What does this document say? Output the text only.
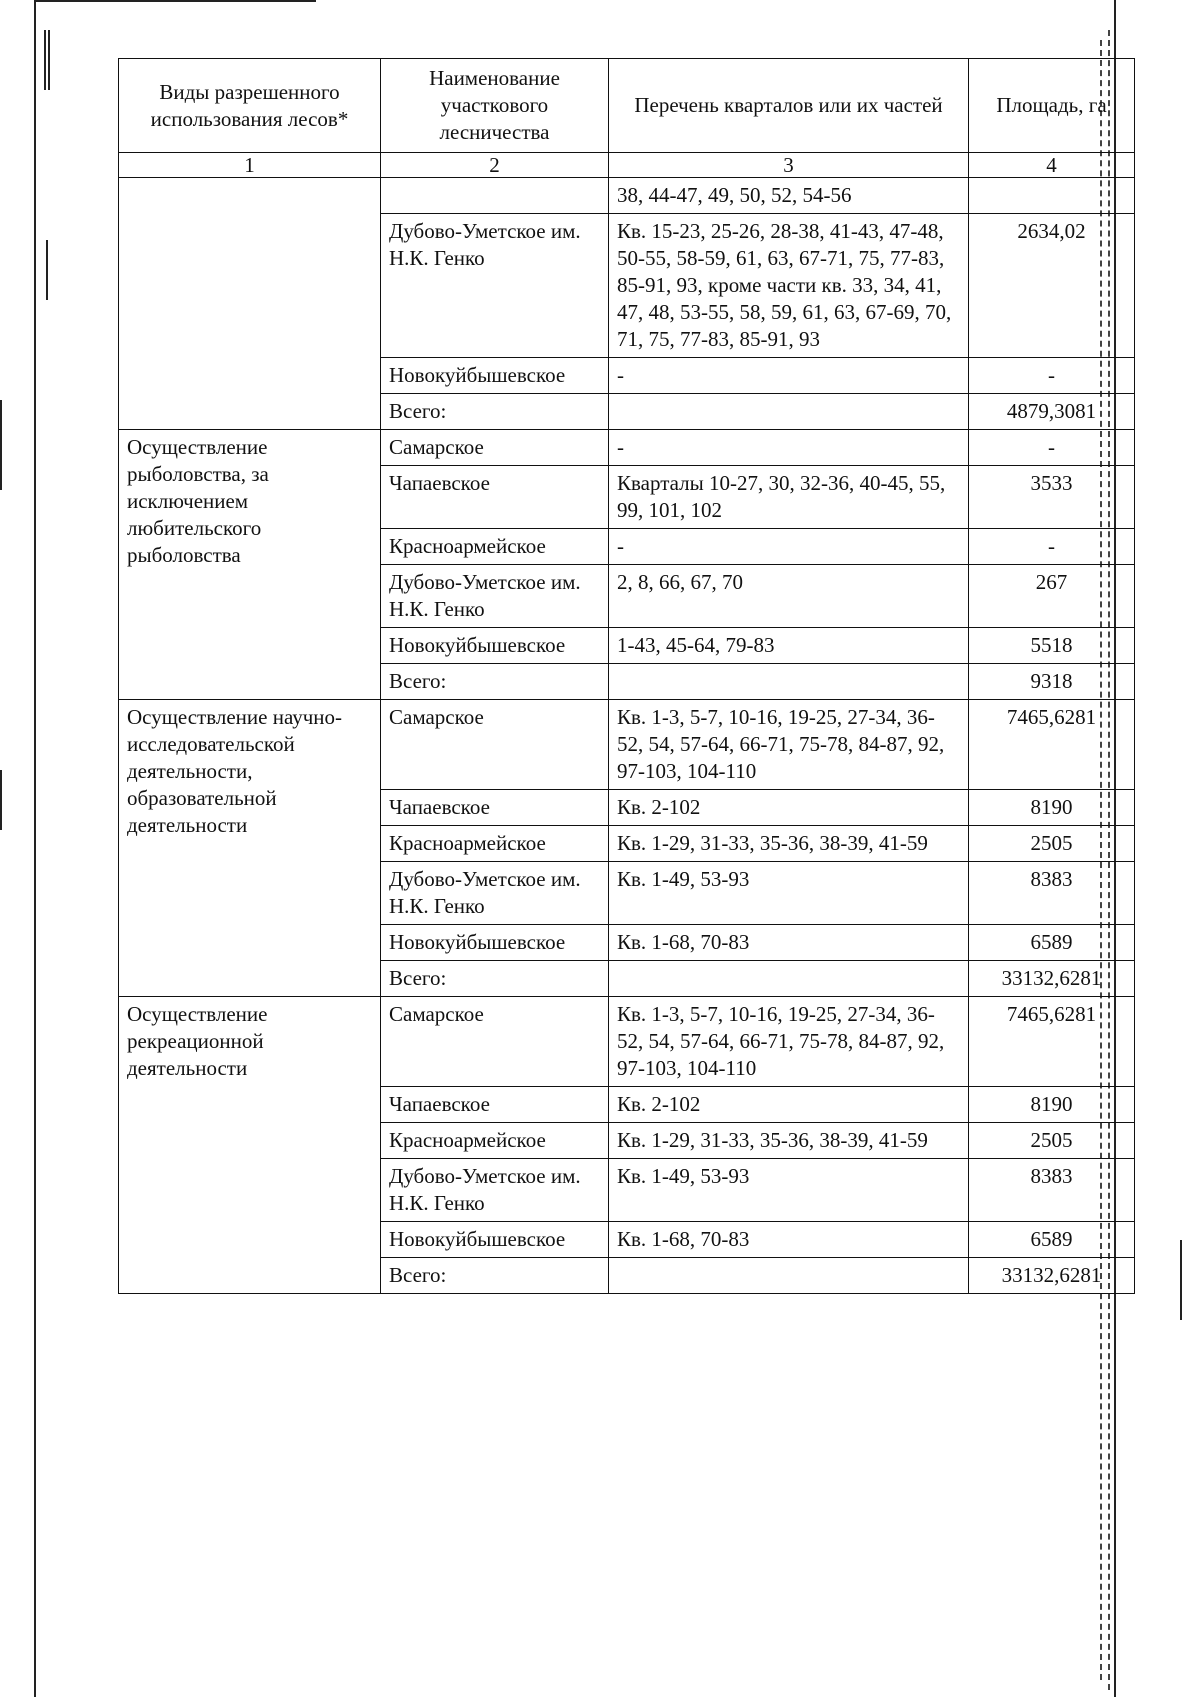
Виды разрешенного использования лесов*	Наименование участкового лесничества	Перечень кварталов или их частей	Площадь, га
1	2	3	4
		38, 44-47, 49, 50, 52, 54-56	
	Дубово-Уметское им. Н.К. Генко	Кв. 15-23, 25-26, 28-38, 41-43, 47-48, 50-55, 58-59, 61, 63, 67-71, 75, 77-83, 85-91, 93, кроме части кв. 33, 34, 41, 47, 48, 53-55, 58, 59, 61, 63, 67-69, 70, 71, 75, 77-83, 85-91, 93	2634,02
	Новокуйбышевское	-	-
	Всего:		4879,3081
Осуществление рыболовства, за исключением любительского рыболовства	Самарское	-	-
	Чапаевское	Кварталы 10-27, 30, 32-36, 40-45, 55, 99, 101, 102	3533
	Красноармейское	-	-
	Дубово-Уметское им. Н.К. Генко	2, 8, 66, 67, 70	267
	Новокуйбышевское	1-43, 45-64, 79-83	5518
	Всего:		9318
Осуществление научно-исследовательской деятельности, образовательной деятельности	Самарское	Кв. 1-3, 5-7, 10-16, 19-25, 27-34, 36-52, 54, 57-64, 66-71, 75-78, 84-87, 92, 97-103, 104-110	7465,6281
	Чапаевское	Кв. 2-102	8190
	Красноармейское	Кв. 1-29, 31-33, 35-36, 38-39, 41-59	2505
	Дубово-Уметское им. Н.К. Генко	Кв. 1-49, 53-93	8383
	Новокуйбышевское	Кв. 1-68, 70-83	6589
	Всего:		33132,6281
Осуществление рекреационной деятельности	Самарское	Кв. 1-3, 5-7, 10-16, 19-25, 27-34, 36-52, 54, 57-64, 66-71, 75-78, 84-87, 92, 97-103, 104-110	7465,6281
	Чапаевское	Кв. 2-102	8190
	Красноармейское	Кв. 1-29, 31-33, 35-36, 38-39, 41-59	2505
	Дубово-Уметское им. Н.К. Генко	Кв. 1-49, 53-93	8383
	Новокуйбышевское	Кв. 1-68, 70-83	6589
	Всего:		33132,6281
